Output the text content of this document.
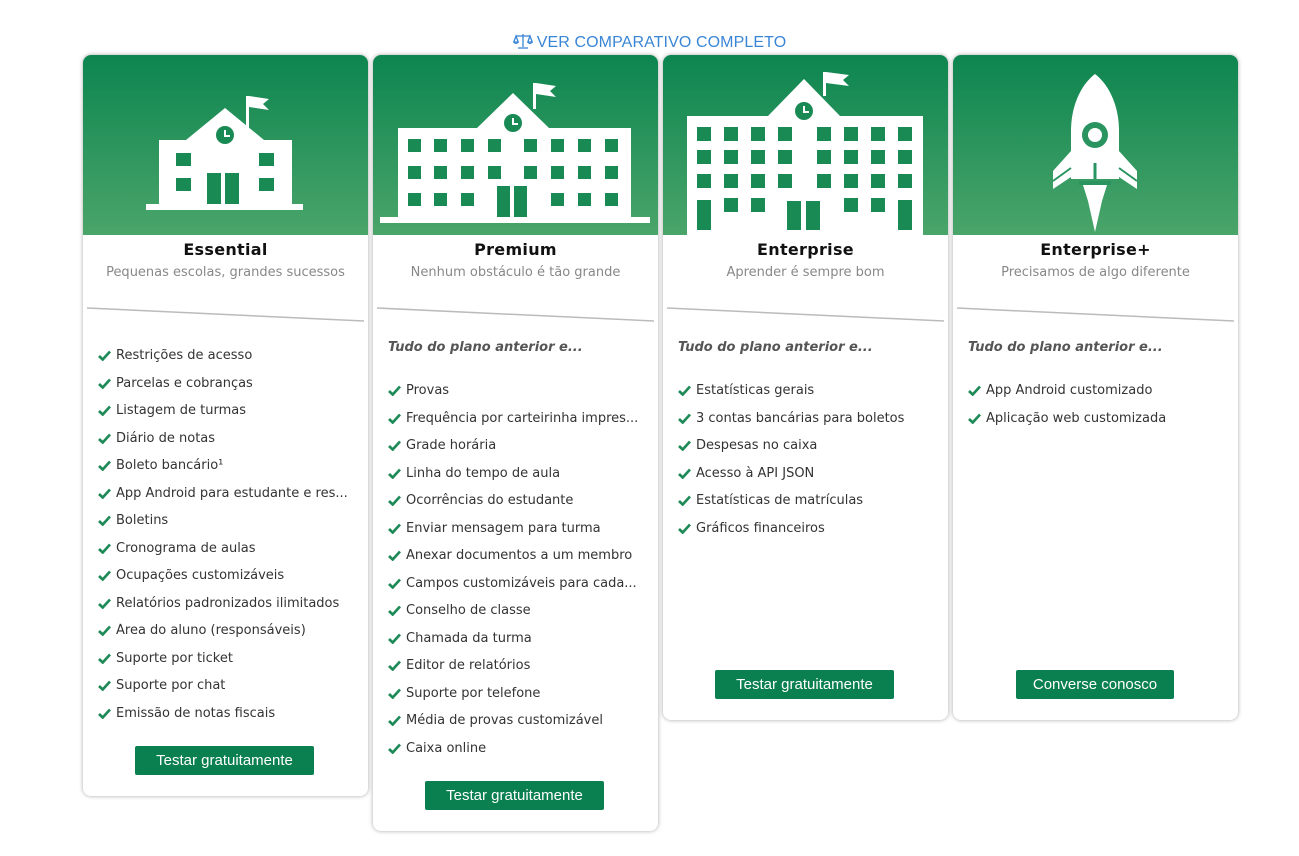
VER COMPARATIVO COMPLETO
Essential
Pequenas escolas, grandes sucessos
Restrições de acesso
Parcelas e cobranças
Listagem de turmas
Diário de notas
Boleto bancário¹
App Android para estudante e res...
Boletins
Cronograma de aulas
Ocupações customizáveis
Relatórios padronizados ilimitados
Área do aluno (responsáveis)
Suporte por ticket
Suporte por chat
Emissão de notas fiscais
Testar gratuitamente
Premium
Nenhum obstáculo é tão grande
Tudo do plano anterior e...
Provas
Frequência por carteirinha impres...
Grade horária
Linha do tempo de aula
Ocorrências do estudante
Enviar mensagem para turma
Anexar documentos a um membro
Campos customizáveis para cada...
Conselho de classe
Chamada da turma
Editor de relatórios
Suporte por telefone
Média de provas customizável
Caixa online
Testar gratuitamente
Enterprise
Aprender é sempre bom
Tudo do plano anterior e...
Estatísticas gerais
3 contas bancárias para boletos
Despesas no caixa
Acesso à API JSON
Estatísticas de matrículas
Gráficos financeiros
Testar gratuitamente
Enterprise+
Precisamos de algo diferente
Tudo do plano anterior e...
App Android customizado
Aplicação web customizada
Converse conosco
